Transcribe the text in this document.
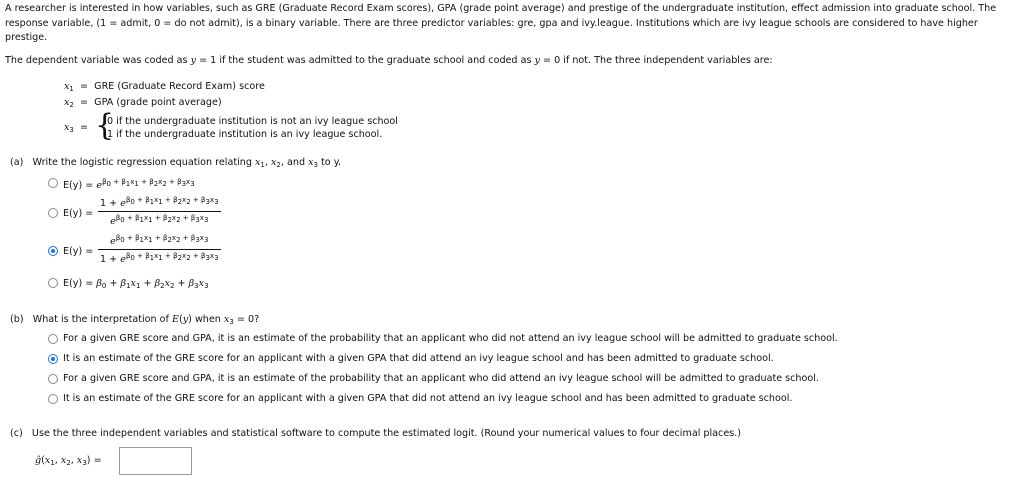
A researcher is interested in how variables, such as GRE (Graduate Record Exam scores), GPA (grade point average) and prestige of the undergraduate institution, effect admission into graduate school. The response variable, (1 = admit, 0 = do not admit), is a binary variable. There are three predictor variables: gre, gpa and ivy.league. Institutions which are ivy league schools are considered to have higher prestige.
The dependent variable was coded as y = 1 if the student was admitted to the graduate school and coded as y = 0 if not. The three independent variables are:
$x_1$  =  GRE (Graduate Record Exam) score
$x_2$  =  GPA (grade point average)
$x_3$  = {
0 if the undergraduate institution is not an ivy league school
1 if the undergraduate institution is an ivy league school.
(a) Write the logistic regression equation relating $x_1$, $x_2$, and $x_3$ to y.
$E(y) = e^{\beta_0 + \beta_1x_1 + \beta_2x_2 + \beta_3x_3}$
$E(y) = \frac{1 + e^{\beta_0 + \beta_1x_1 + \beta_2x_2 + \beta_3x_3}}{e^{\beta_0 + \beta_1x_1 + \beta_2x_2 + \beta_3x_3}}$
$E(y) = \frac{e^{\beta_0 + \beta_1x_1 + \beta_2x_2 + \beta_3x_3}}{1 + e^{\beta_0 + \beta_1x_1 + \beta_2x_2 + \beta_3x_3}}$
$E(y) = \beta_0 + \beta_1x_1 + \beta_2x_2 + \beta_3x_3$
(b) What is the interpretation of E(y) when $x_3 = 0$?
For a given GRE score and GPA, it is an estimate of the probability that an applicant who did not attend an ivy league school will be admitted to graduate school.
It is an estimate of the GRE score for an applicant with a given GPA that did attend an ivy league school and has been admitted to graduate school.
For a given GRE score and GPA, it is an estimate of the probability that an applicant who did attend an ivy league school will be admitted to graduate school.
It is an estimate of the GRE score for an applicant with a given GPA that did not attend an ivy league school and has been admitted to graduate school.
(c) Use the three independent variables and statistical software to compute the estimated logit. (Round your numerical values to four decimal places.)
$ĝ(x_1$, $x_2$, $x_3$) =
